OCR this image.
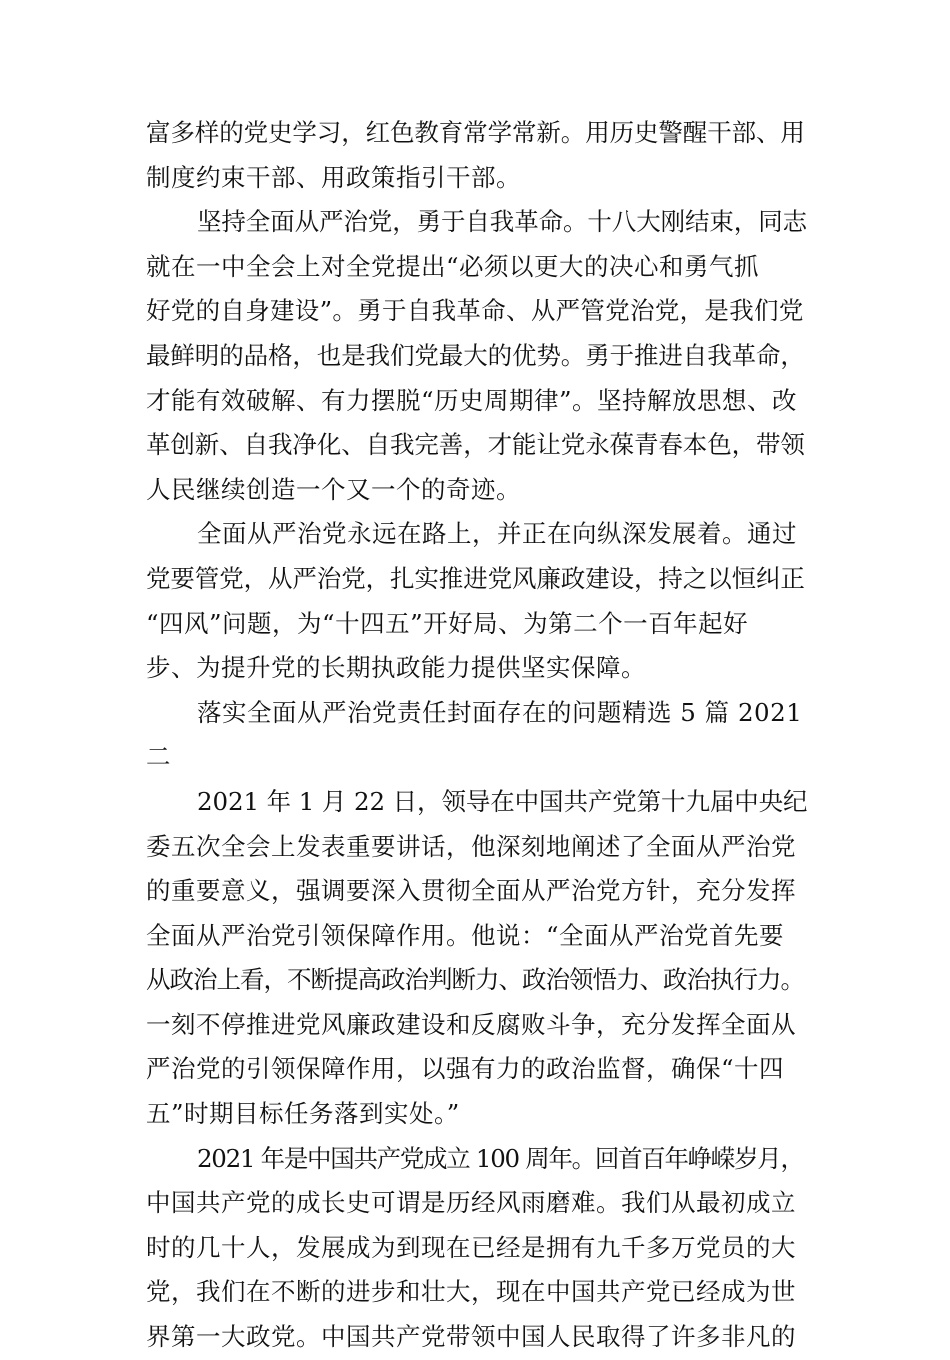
富多样的党史学习，红色教育常学常新。用历史警醒干部、用
制度约束干部、用政策指引干部。
坚持全面从严治党，勇于自我革命。十八大刚结束，同志
就在一中全会上对全党提出“必须以更大的决心和勇气抓
好党的自身建设”。勇于自我革命、从严管党治党，是我们党
最鲜明的品格，也是我们党最大的优势。勇于推进自我革命，
才能有效破解、有力摆脱“历史周期律”。坚持解放思想、改
革创新、自我净化、自我完善，才能让党永葆青春本色，带领
人民继续创造一个又一个的奇迹。
全面从严治党永远在路上，并正在向纵深发展着。通过
党要管党，从严治党，扎实推进党风廉政建设，持之以恒纠正
“四风”问题，为“十四五”开好局、为第二个一百年起好
步、为提升党的长期执政能力提供坚实保障。
落实全面从严治党责任封面存在的问题精选 5 篇 2021
二
2021 年 1 月 22 日，领导在中国共产党第十九届中央纪
委五次全会上发表重要讲话，他深刻地阐述了全面从严治党
的重要意义，强调要深入贯彻全面从严治党方针，充分发挥
全面从严治党引领保障作用。他说：“全面从严治党首先要
从政治上看，不断提高政治判断力、政治领悟力、政治执行力。
一刻不停推进党风廉政建设和反腐败斗争，充分发挥全面从
严治党的引领保障作用，以强有力的政治监督，确保“十四
五”时期目标任务落到实处。”
2021 年是中国共产党成立 100 周年。回首百年峥嵘岁月，
中国共产党的成长史可谓是历经风雨磨难。我们从最初成立
时的几十人，发展成为到现在已经是拥有九千多万党员的大
党，我们在不断的进步和壮大，现在中国共产党已经成为世
界第一大政党。中国共产党带领中国人民取得了许多非凡的
